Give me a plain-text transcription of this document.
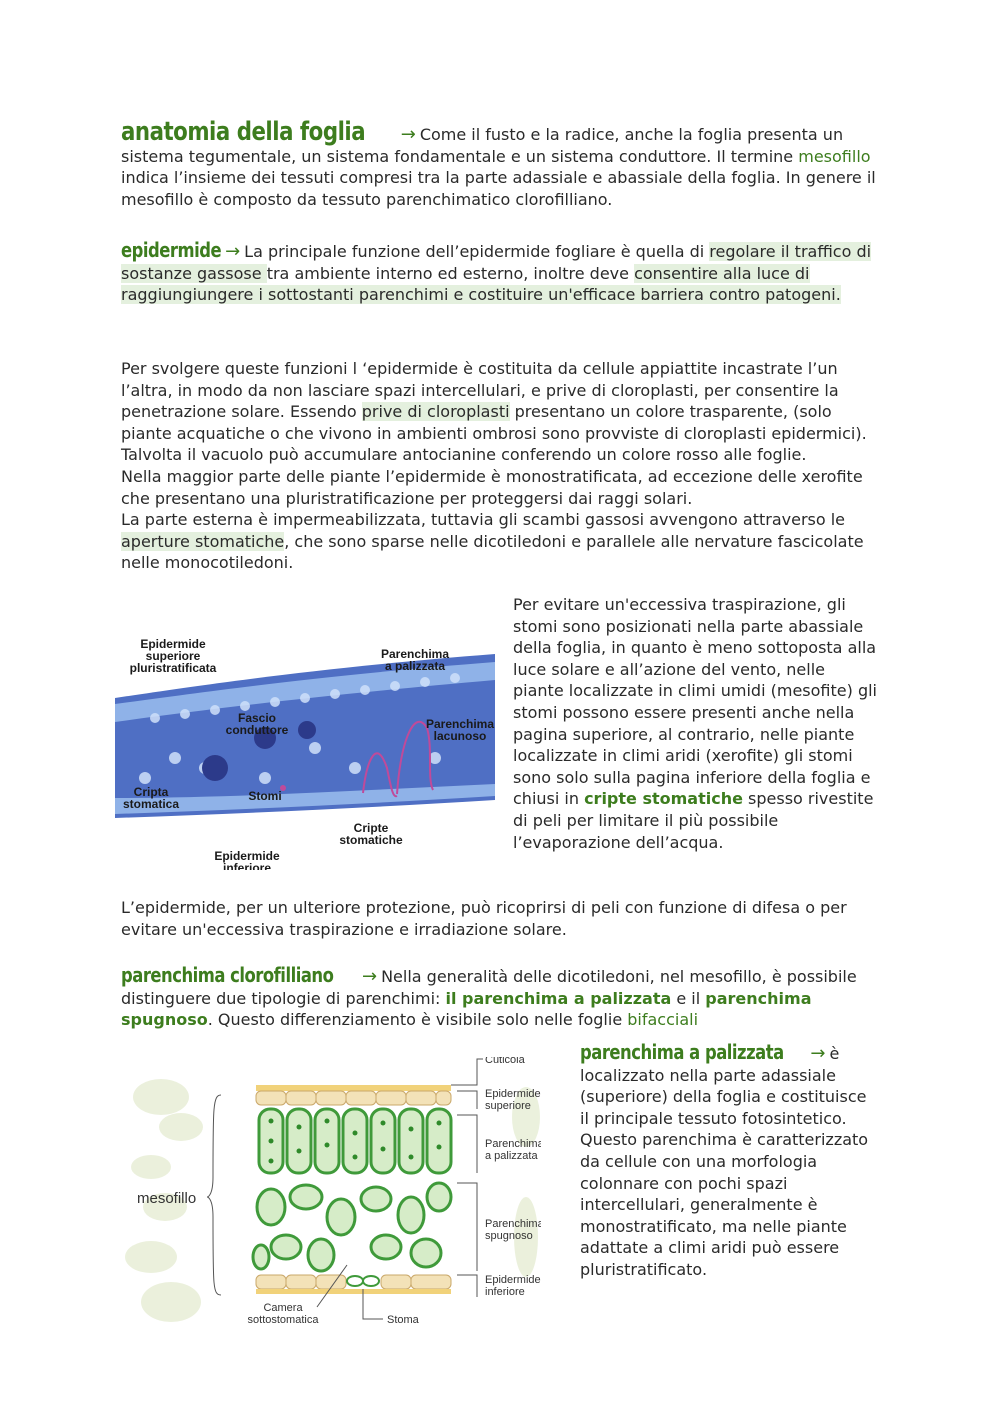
anatomia della foglia → Come il fusto e la radice, anche la foglia presenta un sistema tegumentale, un sistema fondamentale e un sistema conduttore. Il termine mesofillo indica l’insieme dei tessuti compresi tra la parte adassiale e abassiale della foglia. In genere il mesofillo è composto da tessuto parenchimatico clorofilliano.

epidermide → La principale funzione dell’epidermide fogliare è quella di regolare il traffico di sostanze gassose tra ambiente interno ed esterno, inoltre deve consentire alla luce di raggiungiungere i sottostanti parenchimi e costituire un'efficace barriera contro patogeni.

Per svolgere queste funzioni l ‘epidermide è costituita da cellule appiattite incastrate l’un l’altra, in modo da non lasciare spazi intercellulari, e prive di cloroplasti, per consentire la penetrazione solare. Essendo prive di cloroplasti presentano un colore trasparente, (solo piante acquatiche o che vivono in ambienti ombrosi sono provviste di cloroplasti epidermici). Talvolta il vacuolo può accumulare antocianine conferendo un colore rosso alle foglie.

Nella maggior parte delle piante l’epidermide è monostratificata, ad eccezione delle xerofite che presentano una pluristratificazione per proteggersi dai raggi solari.

La parte esterna è impermeabilizzata, tuttavia gli scambi gassosi avvengono attraverso le aperture stomatiche, che sono sparse nelle dicotiledoni e parallele alle nervature fascicolate nelle monocotiledoni.

Epidermide superiore pluristratificata
Parenchima a palizzata
Fascio conduttore	Parenchima lacunoso
Cripta stomatica
Stomi
Cripte stomatiche
Epidermide inferiore

Per evitare un'eccessiva traspirazione, gli stomi sono posizionati nella parte abassiale della foglia, in quanto è meno sottoposta alla luce solare e all’azione del vento, nelle piante localizzate in climi umidi (mesofite) gli stomi possono essere presenti anche nella pagina superiore, al contrario, nelle piante localizzate in climi aridi (xerofite) gli stomi sono solo sulla pagina inferiore della foglia e chiusi in cripte stomatiche spesso rivestite di peli per limitare il più possibile l’evaporazione dell’acqua.

L’epidermide, per un ulteriore protezione, può ricoprirsi di peli con funzione di difesa o per evitare un'eccessiva traspirazione e irradiazione solare.

parenchima clorofilliano → Nella generalità delle dicotiledoni, nel mesofillo, è possibile distinguere due tipologie di parenchimi: il parenchima a palizzata e il parenchima spugnoso. Questo differenziamento è visibile solo nelle foglie bifacciali

Cuticola
Epidermide superiore
Parenchima a palizzata
Parenchima spugnoso
Epidermide inferiore
Camera sottostomatica	Stoma
mesofillo

parenchima a palizzata → è localizzato nella parte adassiale (superiore) della foglia e costituisce il principale tessuto fotosintetico. Questo parenchima è caratterizzato da cellule con una morfologia colonnare con pochi spazi intercellulari, generalmente è monostratificato, ma nelle piante adattate a climi aridi può essere pluristratificato.
